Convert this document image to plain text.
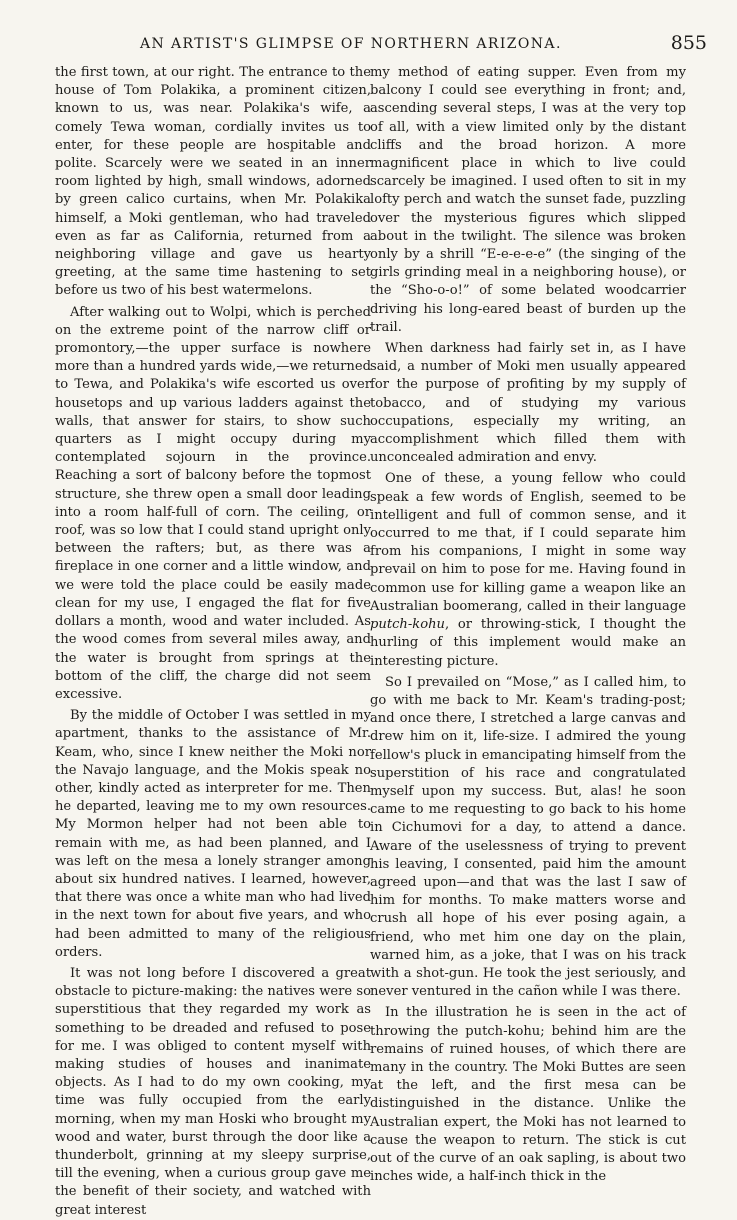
AN ARTIST'S GLIMPSE OF NORTHERN ARIZONA.	855

the first town, at our right. The entrance to the house of Tom Polakika, a prominent citizen, known to us, was near. Polakika's wife, a comely Tewa woman, cordially invites us to enter, for these people are hospitable and polite. Scarcely were we seated in an inner room lighted by high, small windows, adorned by green calico curtains, when Mr. Polakika himself, a Moki gentleman, who had traveled even as far as California, returned from a neighboring village and gave us hearty greeting, at the same time hastening to set before us two of his best watermelons.

After walking out to Wolpi, which is perched on the extreme point of the narrow cliff or promontory,—the upper surface is nowhere more than a hundred yards wide,—we returned to Tewa, and Polakika's wife escorted us over housetops and up various ladders against the walls, that answer for stairs, to show such quarters as I might occupy during my contemplated sojourn in the province. Reaching a sort of balcony before the topmost structure, she threw open a small door leading into a room half-full of corn. The ceiling, or roof, was so low that I could stand upright only between the rafters; but, as there was a fireplace in one corner and a little window, and we were told the place could be easily made clean for my use, I engaged the flat for five dollars a month, wood and water included. As the wood comes from several miles away, and the water is brought from springs at the bottom of the cliff, the charge did not seem excessive.

By the middle of October I was settled in my apartment, thanks to the assistance of Mr. Keam, who, since I knew neither the Moki nor the Navajo language, and the Mokis speak no other, kindly acted as interpreter for me. Then he departed, leaving me to my own resources. My Mormon helper had not been able to remain with me, as had been planned, and I was left on the mesa a lonely stranger among about six hundred natives. I learned, however, that there was once a white man who had lived in the next town for about five years, and who had been admitted to many of the religious orders.

It was not long before I discovered a great obstacle to picture-making: the natives were so superstitious that they regarded my work as something to be dreaded and refused to pose for me. I was obliged to content myself with making studies of houses and inanimate objects. As I had to do my own cooking, my time was fully occupied from the early morning, when my man Hoski who brought my wood and water, burst through the door like a thunderbolt, grinning at my sleepy surprise, till the evening, when a curious group gave me the benefit of their society, and watched with great interest

my method of eating supper. Even from my balcony I could see everything in front; and, ascending several steps, I was at the very top of all, with a view limited only by the distant cliffs and the broad horizon. A more magnificent place in which to live could scarcely be imagined. I used often to sit in my lofty perch and watch the sunset fade, puzzling over the mysterious figures which slipped about in the twilight. The silence was broken only by a shrill “E-e-e-e-e” (the singing of the girls grinding meal in a neighboring house), or the “Sho-o-o!” of some belated woodcarrier driving his long-eared beast of burden up the trail.

When darkness had fairly set in, as I have said, a number of Moki men usually appeared for the purpose of profiting by my supply of tobacco, and of studying my various occupations, especially my writing, an accomplishment which filled them with unconcealed admiration and envy.

One of these, a young fellow who could speak a few words of English, seemed to be intelligent and full of common sense, and it occurred to me that, if I could separate him from his companions, I might in some way prevail on him to pose for me. Having found in common use for killing game a weapon like an Australian boomerang, called in their language putch-kohu, or throwing-stick, I thought the hurling of this implement would make an interesting picture.

So I prevailed on “Mose,” as I called him, to go with me back to Mr. Keam's trading-post; and once there, I stretched a large canvas and drew him on it, life-size. I admired the young fellow's pluck in emancipating himself from the superstition of his race and congratulated myself upon my success. But, alas! he soon came to me requesting to go back to his home in Cichumovi for a day, to attend a dance. Aware of the uselessness of trying to prevent his leaving, I consented, paid him the amount agreed upon—and that was the last I saw of him for months. To make matters worse and crush all hope of his ever posing again, a friend, who met him one day on the plain, warned him, as a joke, that I was on his track with a shot-gun. He took the jest seriously, and never ventured in the cañon while I was there.

In the illustration he is seen in the act of throwing the putch-kohu; behind him are the remains of ruined houses, of which there are many in the country. The Moki Buttes are seen at the left, and the first mesa can be distinguished in the distance. Unlike the Australian expert, the Moki has not learned to cause the weapon to return. The stick is cut out of the curve of an oak sapling, is about two inches wide, a half-inch thick in the
